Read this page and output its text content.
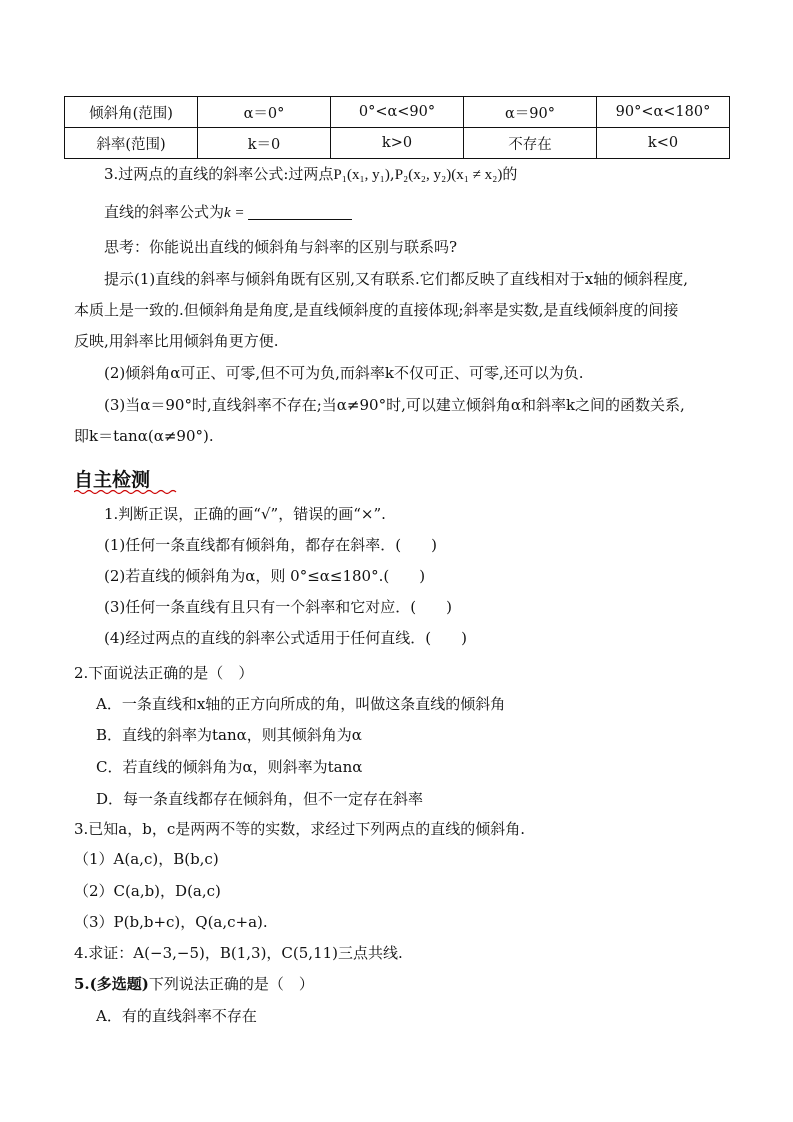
倾斜角(范围)	α＝0°	0°<α<90°	α＝90°	90°<α<180°
斜率(范围)	k＝0	k>0	不存在	k<0
3.过两点的直线的斜率公式:过两点P₁(x₁, y₁),P₂(x₂, y₂)(x₁ ≠ x₂)的
直线的斜率公式为k =
思考：你能说出直线的倾斜角与斜率的区别与联系吗?
提示(1)直线的斜率与倾斜角既有区别,又有联系.它们都反映了直线相对于x轴的倾斜程度,
本质上是一致的.但倾斜角是角度,是直线倾斜度的直接体现;斜率是实数,是直线倾斜度的间接
反映,用斜率比用倾斜角更方便.
(2)倾斜角α可正、可零,但不可为负,而斜率k不仅可正、可零,还可以为负.
(3)当α＝90°时,直线斜率不存在;当α≠90°时,可以建立倾斜角α和斜率k之间的函数关系,
即k＝tanα(α≠90°).
自主检测
1.判断正误，正确的画“√”，错误的画“×”.
(1)任何一条直线都有倾斜角，都存在斜率．(　　)
(2)若直线的倾斜角为α，则 0°≤α≤180°.(　　)
(3)任何一条直线有且只有一个斜率和它对应．(　　)
(4)经过两点的直线的斜率公式适用于任何直线．(　　)
2.下面说法正确的是（　）
A．一条直线和x轴的正方向所成的角，叫做这条直线的倾斜角
B．直线的斜率为tanα，则其倾斜角为α
C．若直线的倾斜角为α，则斜率为tanα
D．每一条直线都存在倾斜角，但不一定存在斜率
3.已知a，b，c是两两不等的实数，求经过下列两点的直线的倾斜角.
（1）A(a,c)，B(b,c)
（2）C(a,b)，D(a,c)
（3）P(b,b+c)，Q(a,c+a).
4.求证：A(−3,−5)，B(1,3)，C(5,11)三点共线.
5.(多选题)下列说法正确的是（　）
A．有的直线斜率不存在
